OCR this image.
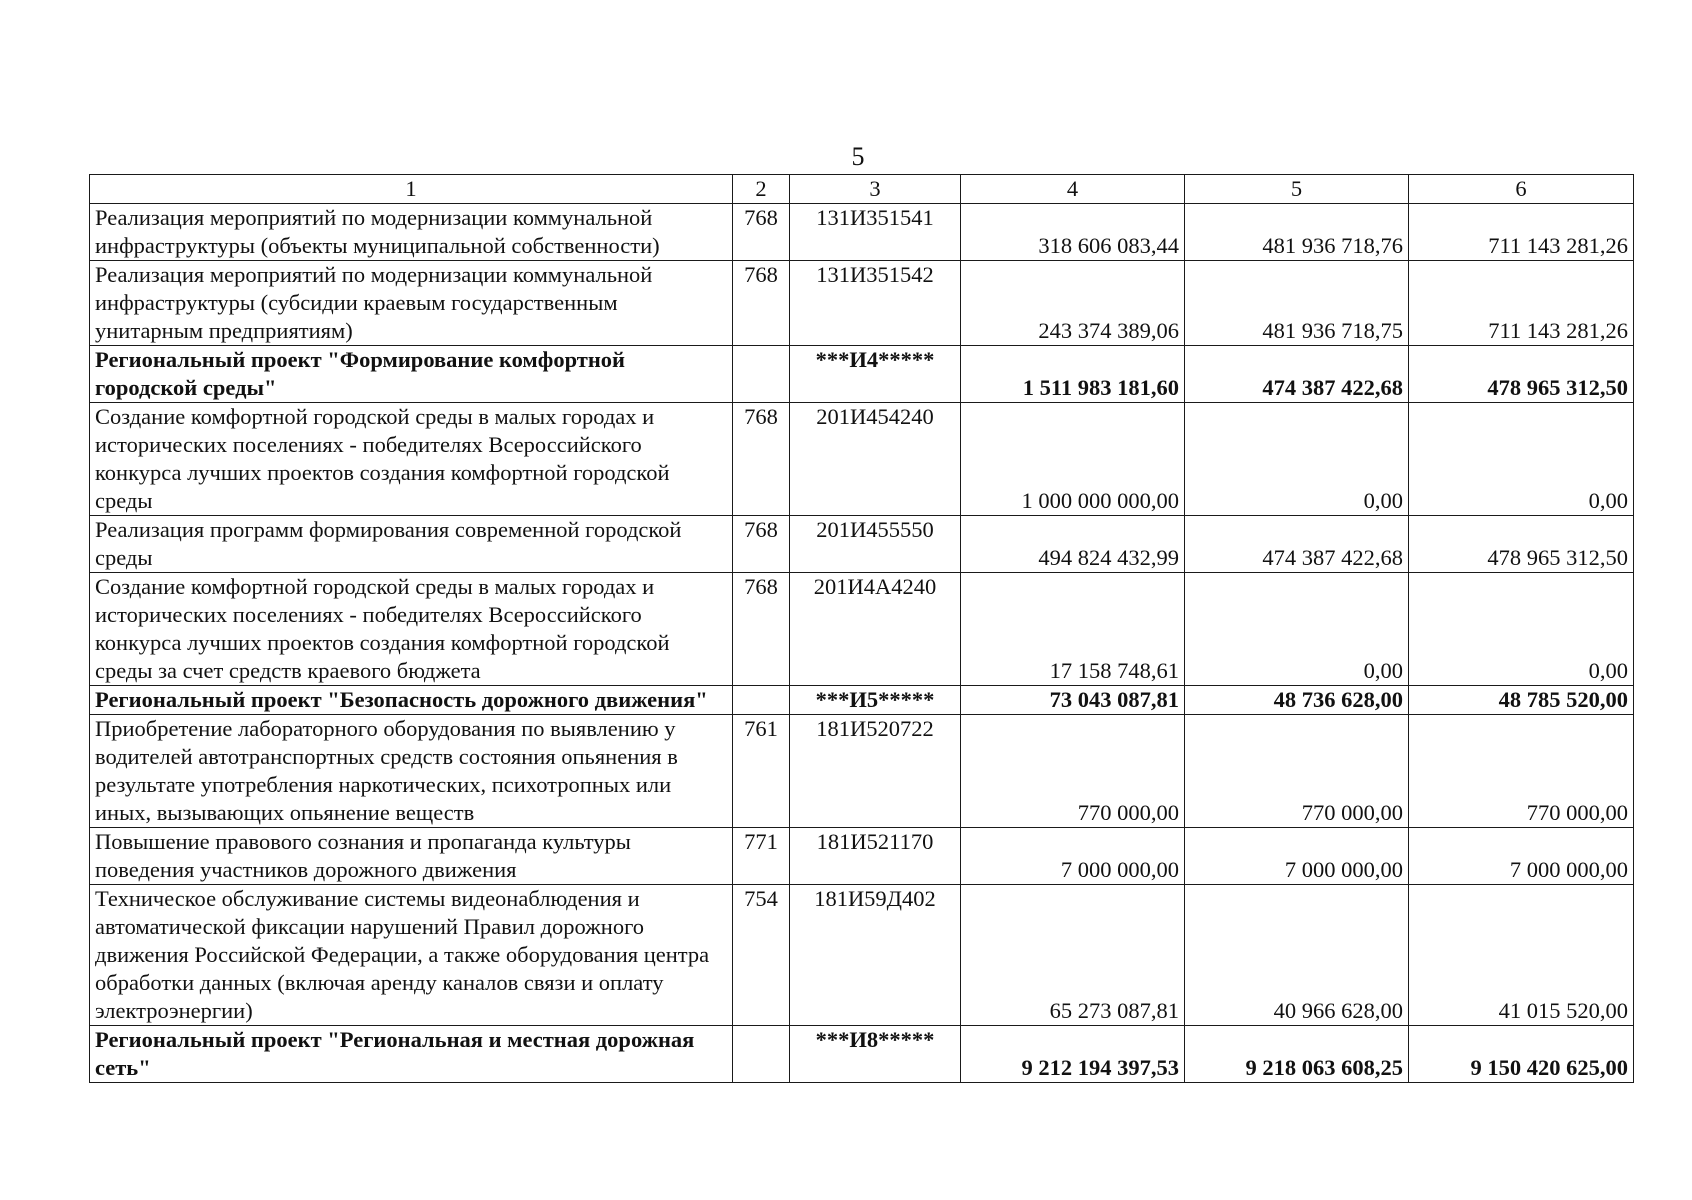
5
1	2	3	4	5	6
Реализация мероприятий по модернизации коммунальной инфраструктуры (объекты муниципальной собственности)	768	131И351541	318 606 083,44	481 936 718,76	711 143 281,26
Реализация мероприятий по модернизации коммунальной инфраструктуры (субсидии краевым государственным унитарным предприятиям)	768	131И351542	243 374 389,06	481 936 718,75	711 143 281,26
Региональный проект "Формирование комфортной городской среды"		***И4*****	1 511 983 181,60	474 387 422,68	478 965 312,50
Создание комфортной городской среды в малых городах и исторических поселениях - победителях Всероссийского конкурса лучших проектов создания комфортной городской среды	768	201И454240	1 000 000 000,00	0,00	0,00
Реализация программ формирования современной городской среды	768	201И455550	494 824 432,99	474 387 422,68	478 965 312,50
Создание комфортной городской среды в малых городах и исторических поселениях - победителях Всероссийского конкурса лучших проектов создания комфортной городской среды за счет средств краевого бюджета	768	201И4А4240	17 158 748,61	0,00	0,00
Региональный проект "Безопасность дорожного движения"		***И5*****	73 043 087,81	48 736 628,00	48 785 520,00
Приобретение лабораторного оборудования по выявлению у водителей автотранспортных средств состояния опьянения в результате употребления наркотических, психотропных или иных, вызывающих опьянение веществ	761	181И520722	770 000,00	770 000,00	770 000,00
Повышение правового сознания и пропаганда культуры поведения участников дорожного движения	771	181И521170	7 000 000,00	7 000 000,00	7 000 000,00
Техническое обслуживание системы видеонаблюдения и автоматической фиксации нарушений Правил дорожного движения Российской Федерации, а также оборудования центра обработки данных (включая аренду каналов связи и оплату электроэнергии)	754	181И59Д402	65 273 087,81	40 966 628,00	41 015 520,00
Региональный проект "Региональная и местная дорожная сеть"		***И8*****	9 212 194 397,53	9 218 063 608,25	9 150 420 625,00
